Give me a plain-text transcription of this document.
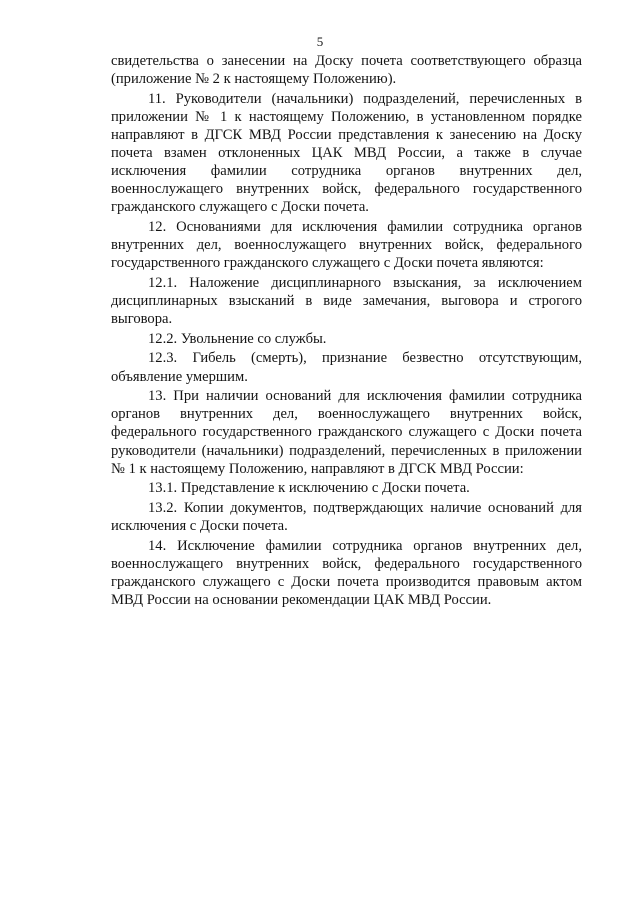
5

свидетельства о занесении на Доску почета соответствующего образца (приложение № 2 к настоящему Положению).

11. Руководители (начальники) подразделений, перечисленных в приложении № 1 к настоящему Положению, в установленном порядке направляют в ДГСК МВД России представления к занесению на Доску почета взамен отклоненных ЦАК МВД России, а также в случае исключения фамилии сотрудника органов внутренних дел, военнослужащего внутренних войск, федерального государственного гражданского служащего с Доски почета.

12. Основаниями для исключения фамилии сотрудника органов внутренних дел, военнослужащего внутренних войск, федерального государственного гражданского служащего с Доски почета являются:

12.1. Наложение дисциплинарного взыскания, за исключением дисциплинарных взысканий в виде замечания, выговора и строгого выговора.

12.2. Увольнение со службы.

12.3. Гибель (смерть), признание безвестно отсутствующим, объявление умершим.

13. При наличии оснований для исключения фамилии сотрудника органов внутренних дел, военнослужащего внутренних войск, федерального государственного гражданского служащего с Доски почета руководители (начальники) подразделений, перечисленных в приложении № 1 к настоящему Положению, направляют в ДГСК МВД России:

13.1. Представление к исключению с Доски почета.

13.2. Копии документов, подтверждающих наличие оснований для исключения с Доски почета.

14. Исключение фамилии сотрудника органов внутренних дел, военнослужащего внутренних войск, федерального государственного гражданского служащего с Доски почета производится правовым актом МВД России на основании рекомендации ЦАК МВД России.
